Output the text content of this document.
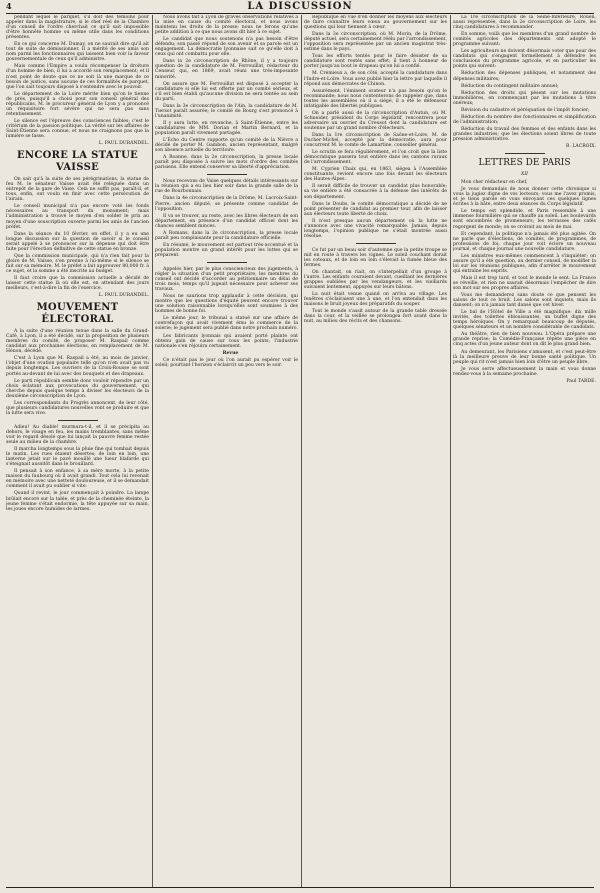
4	LA DISCUSSION

pendant lequel le parquet, s'il doit des témoins pour appeler dans la magistrature, si le chef réel de la Chambre d'un conseil de l'ordre cherchait ce qu'il sait impossible d'être honnête homme ou même utile dans les conditions présentes.

En ce qui concerne M. Dumay, on ne saurait dire qu'il ait tout de suite de démissionner. Il a mérité de ses amis son nom parmi les fonctionnaires qui laissent bien voir la faveur gouvernementale de ceux qu'il administre.

Mais comme l'Empire a voulu récompenser la droiture d'un homme de bien, il lui a accordé son remplacement; et il n'est point de doute que ce ne soit là une marque de ce besoin de justice, sans aucune de ces formalités de parquet, que l'on sait toujours disposé à s'entendre avec le pouvoir.

Le département de la Loire mérite bien qu'on le tienne de près, puisqu'il a choisi pour son conseil général des républicains, M. le procureur général de Lyon y a prononcé un réquisitoire fort sévère qui ne sera pas sans retentissement.

Le silence est l'épreuve des consciences faibles; c'est le critérium de la passion politique. La vérité sur les affaires de Saint-Étienne sera connue, et nous ne craignons pas que la lumière se fasse.

L. PAUL DURANDEL.

ENCORE LA STATUE VAISSE

On sait qu'à la suite de ses pérégrinations, la statue de feu M. le sénateur Vaïsse avait été reléguée dans un entrepôt de la gare de Vaise. Cela ne suffit pas, paraît-il, et tous, enfin, ont voulu en finir avec cette persécution de l'airain.

Le conseil municipal n'a pas encore voté les fonds nécessaires au transport du monument; mais l'administration a trouvé le moyen d'en solder le prix au moyen d'une souscription ouverte parmi les amis de l'ancien préfet.

Dans la séance du 10 février, en effet, il y a eu une longue discussion sur la question de savoir si le conseil serait appelé à se prononcer sur la dépense qui doit être faite pour l'érection définitive de cette statue en bronze.

Que la commission municipale, qui n'a rien fait pour la gloire de M. Vaïsse, s'en prenne à lui-même si le silence se fait sur sa mémoire. M. le préfet a fait approuver 80,000 fr. à ce sujet, et la somme a été inscrite au budget.

Il faut croire que la commission actuelle a décidé de laisser cette statue là où elle est, en attendant des jours meilleurs, c'est-à-dire la fin de l'exercice.

L. PAUL DURANDEL.

MOUVEMENT ÉLECTORAL

A la suite d'une réunion tenue dans la salle du Grand-Café, à Lyon, il a été décidé, sur la proposition de plusieurs membres du comité, de proposer M. Raspail comme candidat aux prochaines élections, en remplacement de M. Hénon, décédé.

C'est à Lyon que M. Raspail a été, au mois de janvier, l'objet d'une ovation populaire telle qu'on n'en avait pas vu depuis longtemps. Les ouvriers de la Croix-Rousse se sont portés au-devant de lui avec des bouquets et des drapeaux.

Le parti républicain semble donc vouloir répondre par un choix éclatant aux provocations du gouvernement, qui cherche depuis quelque temps à diviser les électeurs de la deuxième circonscription de Lyon.

Les correspondants du Progrès annoncent, de leur côté, que plusieurs candidatures nouvelles vont se produire et que la lutte sera vive.

Adieu! Au diable! murmura-t-il, et il se précipita au dehors, le visage en feu, les mains tremblantes, sans même voir le regard désolé que lui lançait la pauvre femme restée seule au milieu de la chambre.

Il marcha longtemps sous la pluie fine qui tombait depuis le matin. Les rues étaient désertes; de loin en loin, une lanterne jetait sur le pavé mouillé une lueur blafarde qui s'éteignait aussitôt dans le brouillard.

Il pensait à son enfance, à sa mère morte, à la petite maison du faubourg où il avait grandi. Tout cela lui revenait en mémoire avec une netteté douloureuse, et il se demandait comment il avait pu oublier si vite.

Quand il revint, le jour commençait à poindre. La lampe brûlait encore sur la table, et près de la cheminée éteinte, la jeune femme s'était endormie, la tête appuyée sur sa main, les joues encore humides de larmes.

Nous avons fait à Lyon de graves observations relatives à la mise en cause du comité électoral, et nous avons maintenu les droits de la presse; nous ne ferons qu'une petite addition à ce que nous avons dit hier à ce sujet.

Le candidat que nous soutenons n'a pas besoin d'être défendu; son passé répond de son avenir et sa parole est un engagement. La démocratie lyonnaise sait ce qu'elle doit à ceux qui ont combattu pour elle.

Dans la 2e circonscription de Rhône, il y a toujours question de la candidature de M. Ferrouillat, rédacteur du Censeur, qui, en 1869, avait réuni une très-imposante minorité.

On assure que M. Ferrouillat est disposé à accepter la candidature si elle lui est offerte par un comité sérieux, et s'il est bien établi qu'aucune division ne sera tentée au sein du parti.

Dans la 3e circonscription de l'Ain, la candidature de M. Tiersot paraît assurée; le comité de Bourg s'est prononcé à l'unanimité.

Il y aura lutte, en revanche, à Saint-Étienne, entre les candidatures de MM. Dorian et Martin Bernard, et la population paraît vivement partagée.

L'Écho du Centre rapporte qu'un comité de la Nièvre a décidé de porter M. Gambon, ancien représentant, malgré son absence actuelle du territoire.

A Roanne, dans la 2e circonscription, la presse locale paraît peu disposée à suivre les mots d'ordre des comités parisiens. Elle entend conserver sa liberté d'appréciation.

Nous recevons de Vaise quelques détails intéressants sur la réunion qui a eu lieu hier soir dans la grande salle de la rue de Bourbonnais.

Dans la 4e circonscription de la Drôme, M. Lacroix-Saint-Pierre, ancien député, se présente comme candidat de l'opposition.

Il va se trouver, au reste, avec les libres électeurs de son département, en présence d'un candidat officiel dont les chances semblent minces.

A Romans, dans la 2e circonscription, la presse locale paraît peu complaisante pour la candidature officielle.

En résumé, le mouvement est partout très-accentué et la population montre un grand intérêt pour les luttes qui se préparent.

Appelés hier, par le plus consciencieux des jugements, à régler la situation d'un petit propriétaire, les membres du conseil ont décidé d'accorder au pétitionnaire un délai de trois mois, temps qu'il jugeait nécessaire pour achever ses travaux.

Nous ne saurions trop applaudir à cette décision, qui montre que les questions d'équité peuvent encore trouver une solution raisonnable lorsqu'elles sont soumises à des hommes de bonne foi.

Le même jour, le tribunal a statué sur une affaire de contrefaçon qui avait vivement ému le commerce de la soierie; le jugement sera publié dans notre prochain numéro.

Les fabricants lyonnais qui avaient porté plainte ont obtenu gain de cause sur tous les points; l'industrie nationale s'en réjouira certainement.

Revue

Ce n'était pas le jour où l'on aurait pu espérer voir le soleil; pourtant l'horizon s'éclaircit un peu vers le soir.

République en vue d'en donner les moyens aux électeurs de faire connaître leurs vœux au gouvernement sur les questions qui leur tiennent à cœur.

Dans la 3e circonscription, où M. Morin, de la Drôme, député actuel, sera certainement réélu par l'arrondissement, l'opposition sera représentée par un ancien magistrat très-estimé dans le pays.

Tous les efforts tentés pour le faire désister de sa candidature sont restés sans effet; il tient à honneur de porter jusqu'au bout le drapeau qu'on lui a confié.

M. Crémieux a, de son côté, accepté la candidature dans l'Indre-et-Loire. Vous avez publié hier la lettre par laquelle il répond aux démocrates de Chinon.

Assurément, l'éminent orateur n'a pas besoin qu'on le recommande; nous nous contenterons de rappeler que, dans toutes les assemblées où il a siégé, il a été le défenseur infatigable des libertés publiques.

On a parlé aussi de la circonscription d'Autun, où M. Schneider, président du Corps législatif, rencontrera pour adversaire un ouvrier du Creusot dont la candidature est soutenue par un grand nombre d'électeurs.

Dans la 1re circonscription de Saône-et-Loire, M. de Ducher-Michel, accepté par la démocratie, aura pour concurrent M. le comte de Lamartine, conseiller général.

Le scrutin se fera régulièrement, et l'on croit que la liste démocratique passera tout entière dans les cantons ruraux de l'arrondissement.

M. Cyprien Chaix qui, en 1863, siégea à l'Assemblée constituante, revient encore une fois devant les électeurs des Hautes-Alpes.

Il serait difficile de trouver un candidat plus honorable; sa vie entière a été consacrée à la défense des intérêts de son département.

Dans le Doubs, le comité démocratique a décidé de ne point présenter de candidat au premier tour, afin de laisser aux électeurs toute liberté de choix.

Il n'est presque aucun département où la lutte ne s'annonce avec une vivacité remarquable. Jamais, depuis longtemps, l'opinion publique ne s'était montrée aussi résolue.

Ce fut par un beau soir d'automne que la petite troupe se mit en route à travers les vignes. Le soleil couchant dorait les coteaux, et de loin en loin s'élevait la fumée bleue des fermes.

On chantait, on riait, on s'interpellait d'un groupe à l'autre. Les enfants couraient devant, cueillant les dernières grappes oubliées par les vendangeurs, et les vieillards suivaient lentement, appuyés sur leurs bâtons.

La nuit était venue quand on arriva au village. Les fenêtres s'éclairaient une à une, et l'on entendait dans les maisons le bruit joyeux des préparatifs du souper.

Tout le monde s'assit autour de la grande table dressée dans la cour, et la veillée se prolongea fort avant dans la nuit, au milieu des récits et des chansons.

La 1re circonscription de la Seine-Inférieure, Rouen, aussi représentée, dans la 2e circonscription de Loire, les cinq candidatures à recommander.

En somme, voilà que les membres d'un grand nombre de comités agricoles des départements ont adopté le programme suivant:

Les agriculteurs ne doivent désormais voter que pour des candidats qui s'engagent formellement à défendre les conclusions du programme agricole, et en particulier les points qui suivent:

Réduction des dépenses publiques, et notamment des dépenses militaires;

Réduction du contingent militaire annuel;

Réduction des droits qui pèsent sur les mutations immobilières, en commençant par les mutations à titre onéreux;

Révision du cadastre et péréquation de l'impôt foncier;

Réduction du nombre des fonctionnaires et simplification de l'administration;

Réduction du travail des femmes et des enfants dans les grandes industries; que les élections soient libres de toute pression administrative.

B. LACROIX.

LETTRES DE PARIS

XII

Mon cher rédacteur en chef,

Je vous demandais de nous donner cette chronique si vous la jugiez digne de vos lecteurs; vous me l'avez promis, et je tiens parole en vous envoyant ces quelques lignes écrites à la hâte, entre deux séances du Corps législatif.

Le temps est splendide, et Paris ressemble à une immense fourmilière qui se chauffe au soleil. Les boulevards sont encombrés de promeneurs; les terrasses des cafés regorgent de monde; on se croirait au mois de mai.

Et cependant, la politique n'a jamais été plus agitée. On ne parle que d'élections, de comités, de programmes, de professions de foi; chaque jour voit éclore un nouveau journal, et chaque journal une nouvelle candidature.

Les ministres eux-mêmes commencent à s'inquiéter; on assure qu'il a été question, au dernier conseil, de modifier la loi sur les réunions publiques, afin d'arrêter le mouvement qui entraîne les esprits.

Mais il est trop tard, et tout le monde le sent. La France se réveille, et rien ne saurait désormais l'empêcher de dire son mot sur ses propres affaires.

Vous me demanderez sans doute ce que pensent les salons de tout ce bruit. Les salons sont inquiets, mais ils dansent; on n'a jamais tant dansé que cet hiver.

Le bal de l'Hôtel de Ville a été magnifique: dix mille invités, des toilettes éblouissantes, un buffet digne des temps héroïques. On y remarquait beaucoup de députés, quelques sénateurs et un nombre considérable de candidats.

Au théâtre, rien de bien nouveau. L'Opéra prépare une grande reprise; la Comédie-Française répète une pièce en cinq actes d'un jeune auteur dont on dit le plus grand bien.

Au demeurant, les Parisiens s'amusent, et c'est peut-être là la meilleure preuve de leur bonne santé politique. Un peuple qui rit n'est jamais bien loin d'être un peuple libre.

Je vous serre affectueusement la main et vous donne rendez-vous à la semaine prochaine.

Paul TARDE.
